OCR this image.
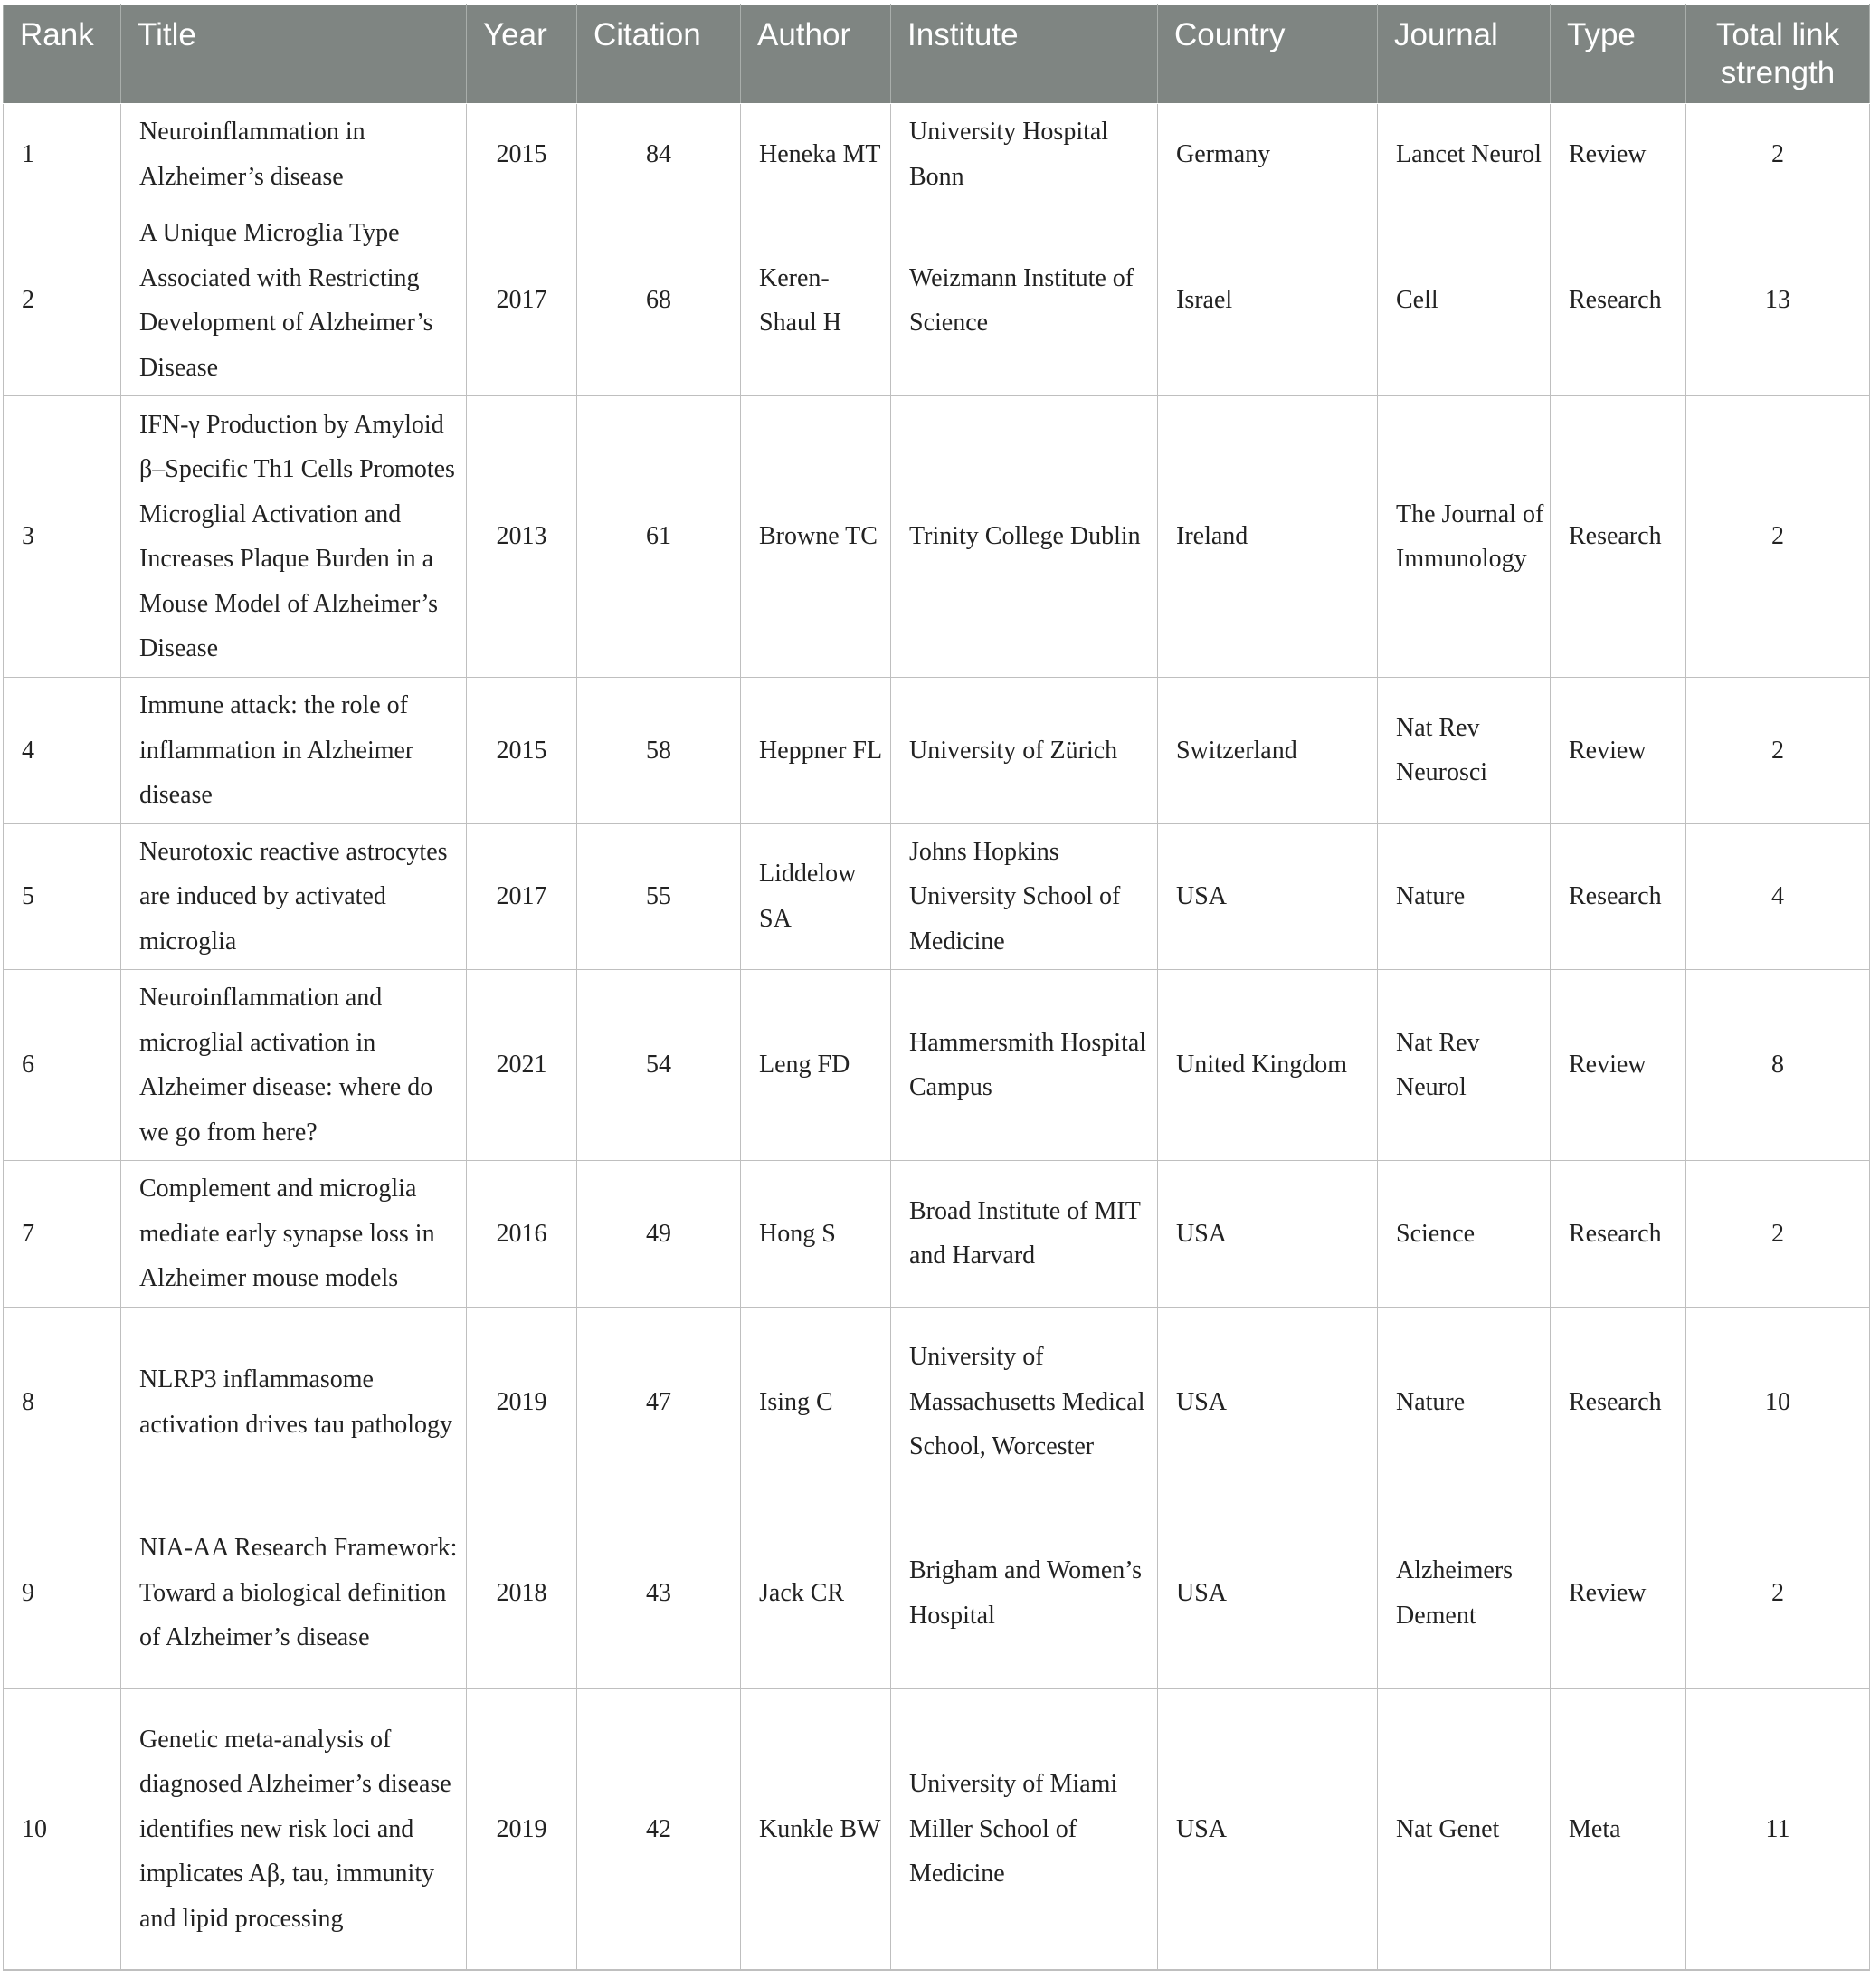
Rank	Title	Year	Citation	Author	Institute	Country	Journal	Type	Total link strength
1	Neuroinflammation in Alzheimer’s disease	2015	84	Heneka MT	University Hospital Bonn	Germany	Lancet Neurol	Review	2
2	A Unique Microglia Type Associated with Restricting Development of Alzheimer’s Disease	2017	68	Keren-Shaul H	Weizmann Institute of Science	Israel	Cell	Research	13
3	IFN-γ Production by Amyloid β–Specific Th1 Cells Promotes Microglial Activation and Increases Plaque Burden in a Mouse Model of Alzheimer’s Disease	2013	61	Browne TC	Trinity College Dublin	Ireland	The Journal of Immunology	Research	2
4	Immune attack: the role of inflammation in Alzheimer disease	2015	58	Heppner FL	University of Zürich	Switzerland	Nat Rev Neurosci	Review	2
5	Neurotoxic reactive astrocytes are induced by activated microglia	2017	55	Liddelow SA	Johns Hopkins University School of Medicine	USA	Nature	Research	4
6	Neuroinflammation and microglial activation in Alzheimer disease: where do we go from here?	2021	54	Leng FD	Hammersmith Hospital Campus	United Kingdom	Nat Rev Neurol	Review	8
7	Complement and microglia mediate early synapse loss in Alzheimer mouse models	2016	49	Hong S	Broad Institute of MIT and Harvard	USA	Science	Research	2
8	NLRP3 inflammasome activation drives tau pathology	2019	47	Ising C	University of Massachusetts Medical School, Worcester	USA	Nature	Research	10
9	NIA-AA Research Framework: Toward a biological definition of Alzheimer’s disease	2018	43	Jack CR	Brigham and Women’s Hospital	USA	Alzheimers Dement	Review	2
10	Genetic meta-analysis of diagnosed Alzheimer’s disease identifies new risk loci and implicates Aβ, tau, immunity and lipid processing	2019	42	Kunkle BW	University of Miami Miller School of Medicine	USA	Nat Genet	Meta	11
